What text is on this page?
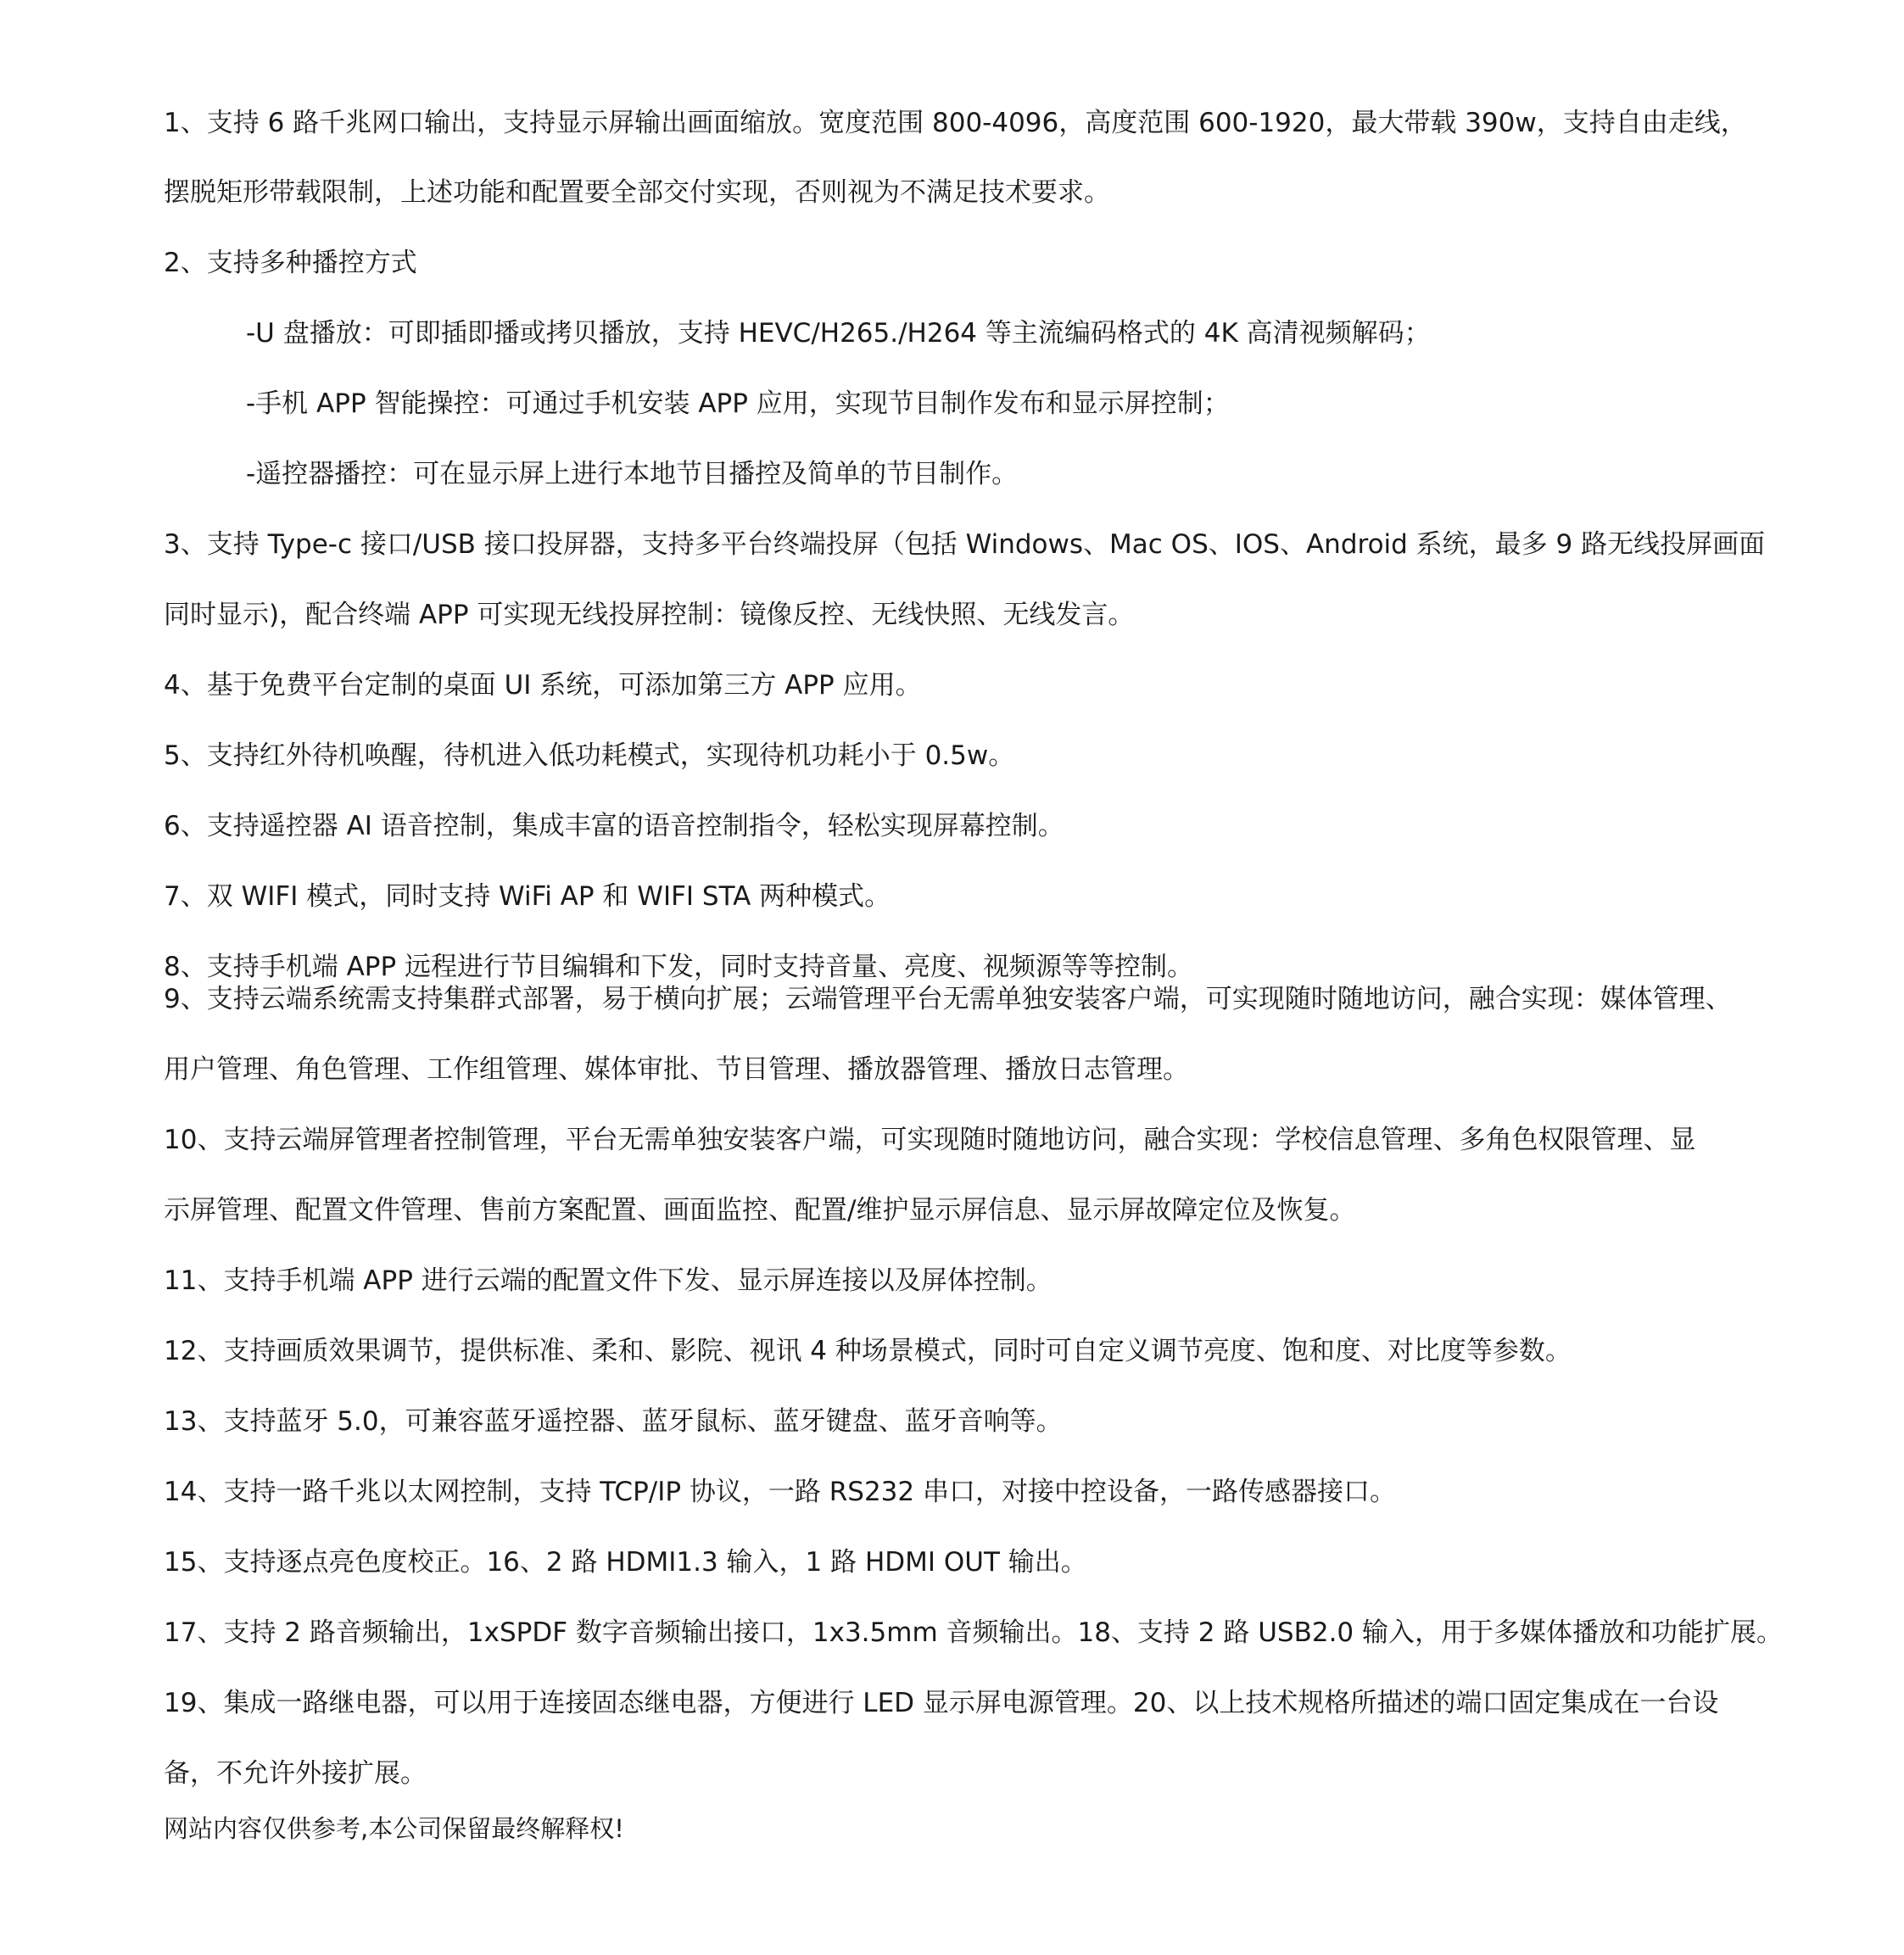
1、支持 6 路千兆网口输出，支持显示屏输出画面缩放。宽度范围 800-4096，高度范围 600-1920，最大带载 390w，支持自由走线，

摆脱矩形带载限制，上述功能和配置要全部交付实现，否则视为不满足技术要求。

2、支持多种播控方式

-U 盘播放：可即插即播或拷贝播放，支持 HEVC/H265./H264 等主流编码格式的 4K 高清视频解码；

-手机 APP 智能操控：可通过手机安装 APP 应用，实现节目制作发布和显示屏控制；

-遥控器播控：可在显示屏上进行本地节目播控及简单的节目制作。

3、支持 Type-c 接口/USB 接口投屏器，支持多平台终端投屏（包括 Windows、Mac OS、IOS、Android 系统，最多 9 路无线投屏画面

同时显示)，配合终端 APP 可实现无线投屏控制：镜像反控、无线快照、无线发言。

4、基于免费平台定制的桌面 UI 系统，可添加第三方 APP 应用。

5、支持红外待机唤醒，待机进入低功耗模式，实现待机功耗小于 0.5w。

6、支持遥控器 AI 语音控制，集成丰富的语音控制指令，轻松实现屏幕控制。

7、双 WIFI 模式，同时支持 WiFi AP 和 WIFI STA 两种模式。

8、支持手机端 APP 远程进行节目编辑和下发，同时支持音量、亮度、视频源等等控制。

9、支持云端系统需支持集群式部署，易于横向扩展；云端管理平台无需单独安装客户端，可实现随时随地访问，融合实现：媒体管理、

用户管理、角色管理、工作组管理、媒体审批、节目管理、播放器管理、播放日志管理。

10、支持云端屏管理者控制管理，平台无需单独安装客户端，可实现随时随地访问，融合实现：学校信息管理、多角色权限管理、显

示屏管理、配置文件管理、售前方案配置、画面监控、配置/维护显示屏信息、显示屏故障定位及恢复。

11、支持手机端 APP 进行云端的配置文件下发、显示屏连接以及屏体控制。

12、支持画质效果调节，提供标准、柔和、影院、视讯 4 种场景模式，同时可自定义调节亮度、饱和度、对比度等参数。

13、支持蓝牙 5.0，可兼容蓝牙遥控器、蓝牙鼠标、蓝牙键盘、蓝牙音响等。

14、支持一路千兆以太网控制，支持 TCP/IP 协议，一路 RS232 串口，对接中控设备，一路传感器接口。

15、支持逐点亮色度校正。16、2 路 HDMI1.3 输入，1 路 HDMI OUT 输出。

17、支持 2 路音频输出，1xSPDF 数字音频输出接口，1x3.5mm 音频输出。18、支持 2 路 USB2.0 输入，用于多媒体播放和功能扩展。

19、集成一路继电器，可以用于连接固态继电器，方便进行 LED 显示屏电源管理。20、以上技术规格所描述的端口固定集成在一台设

备，不允许外接扩展。

网站内容仅供参考,本公司保留最终解释权!
